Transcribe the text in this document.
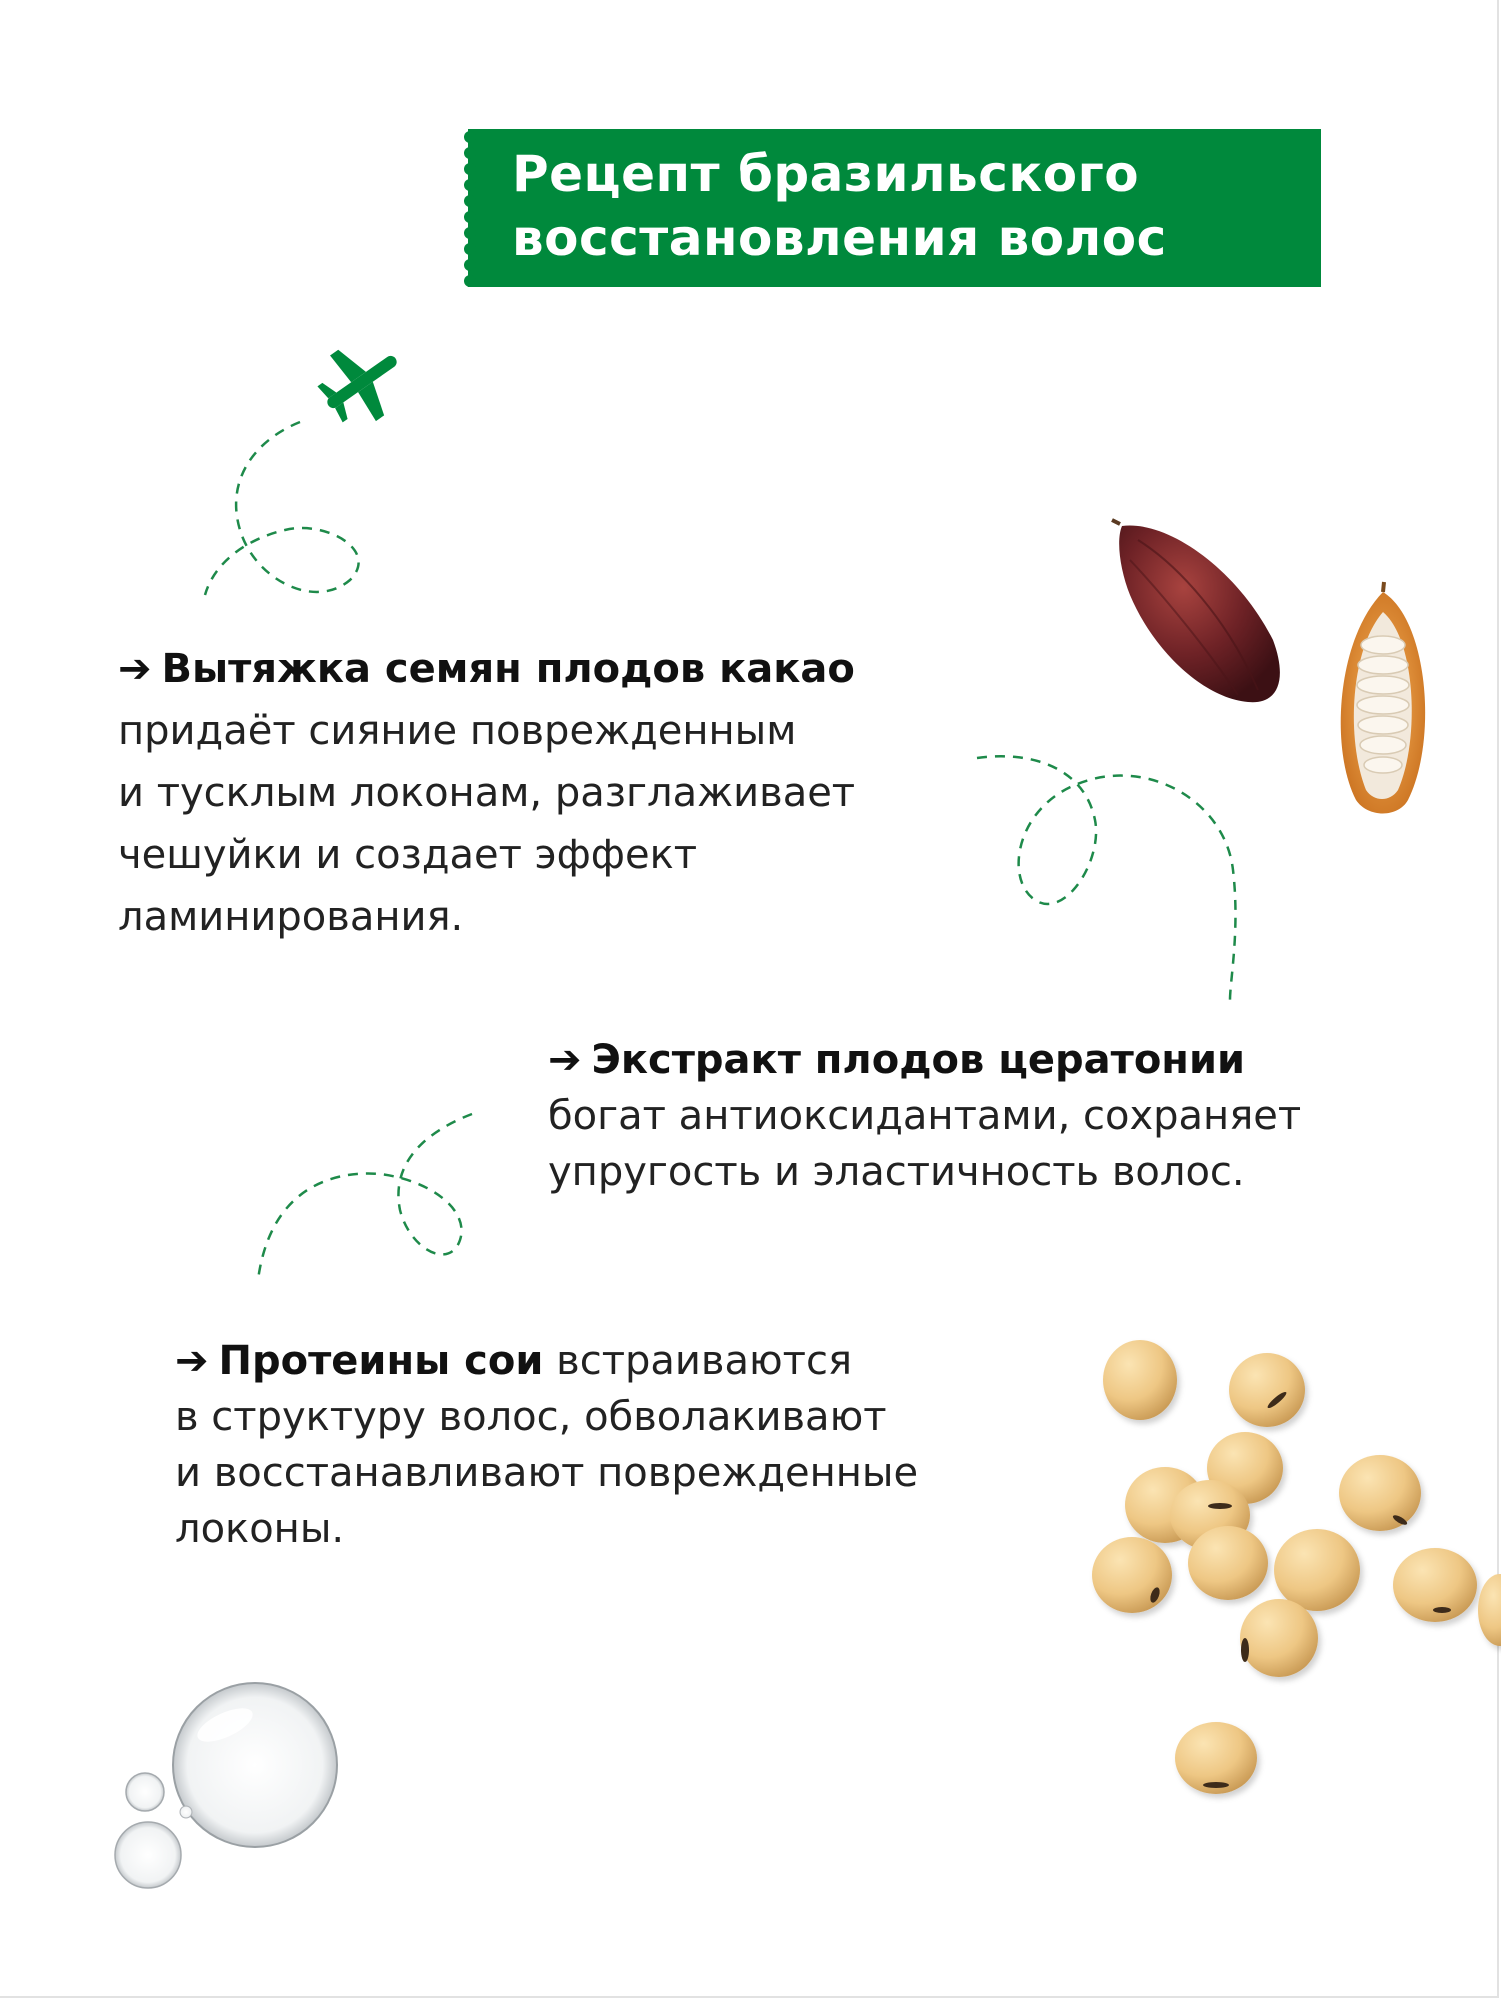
Рецепт бразильского
восстановления волос
➔ Вытяжка семян плодов какао
придаёт сияние поврежденным
и тусклым локонам, разглаживает
чешуйки и создает эффект
ламинирования.
➔ Экстракт плодов цератонии
богат антиоксидантами, сохраняет
упругость и эластичность волос.
➔ Протеины сои встраиваются
в структуру волос, обволакивают
и восстанавливают поврежденные
локоны.
